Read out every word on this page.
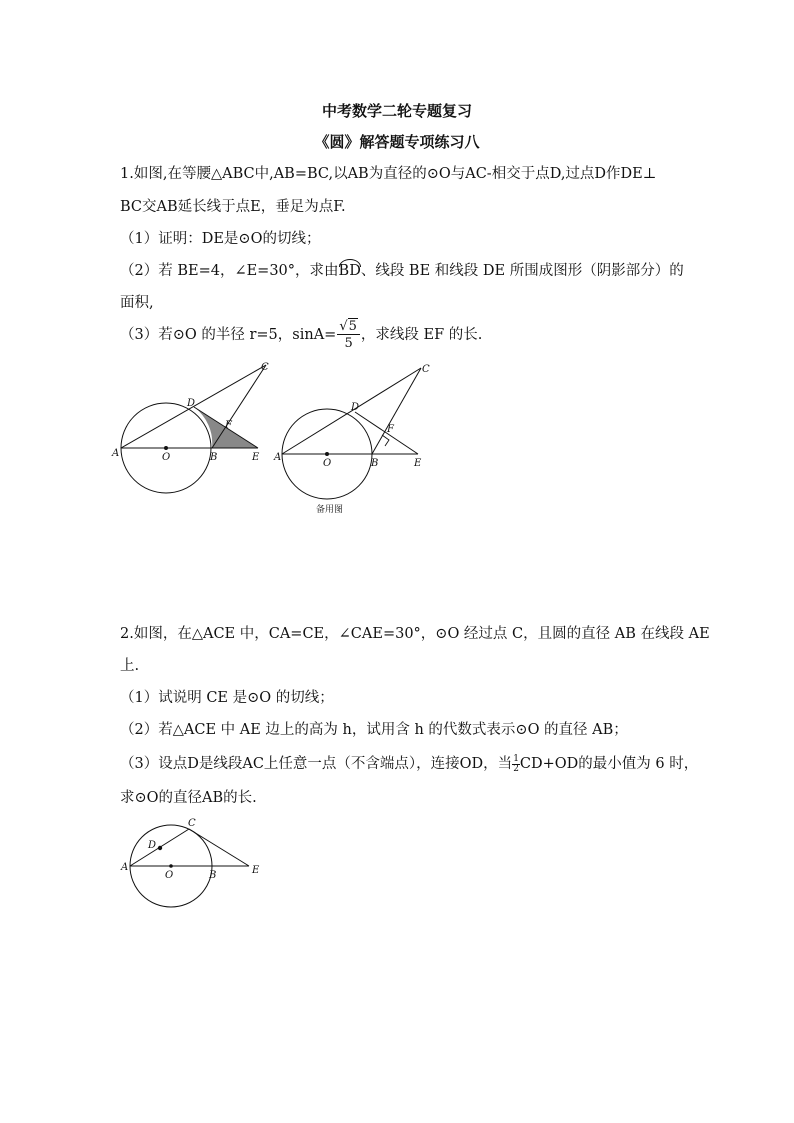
中考数学二轮专题复习
《圆》解答题专项练习八
1.如图,在等腰△ABC中,AB=BC,以AB为直径的⊙O与AC-相交于点D,过点D作DE⊥
BC交AB延长线于点E，垂足为点F.
（1）证明：DE是⊙O的切线；
（2）若 BE=4，∠E=30°，求由BD、线段 BE 和线段 DE 所围成图形（阴影部分）的
面积,
（3）若⊙O 的半径 r=5，$\sin A= \frac{√5}{5}$ ，求线段 EF 的长.
A	O	B	E
D
F
C
A
O	B	E
D
F
C
备用图
2.如图，在△ACE 中，CA=CE，∠CAE=30°，⊙O 经过点 C，且圆的直径 AB 在线段 AE
上.
（1）试说明 CE 是⊙O 的切线；
（2）若△ACE 中 AE 边上的高为 h，试用含 h 的代数式表示⊙O 的直径 AB；
（3）设点D是线段AC上任意一点（不含端点），连接OD，当 $\frac{1}{2} CD+OD$的最小值为 6 时，
求⊙O的直径AB的长.
A
O	B	E
D
C
